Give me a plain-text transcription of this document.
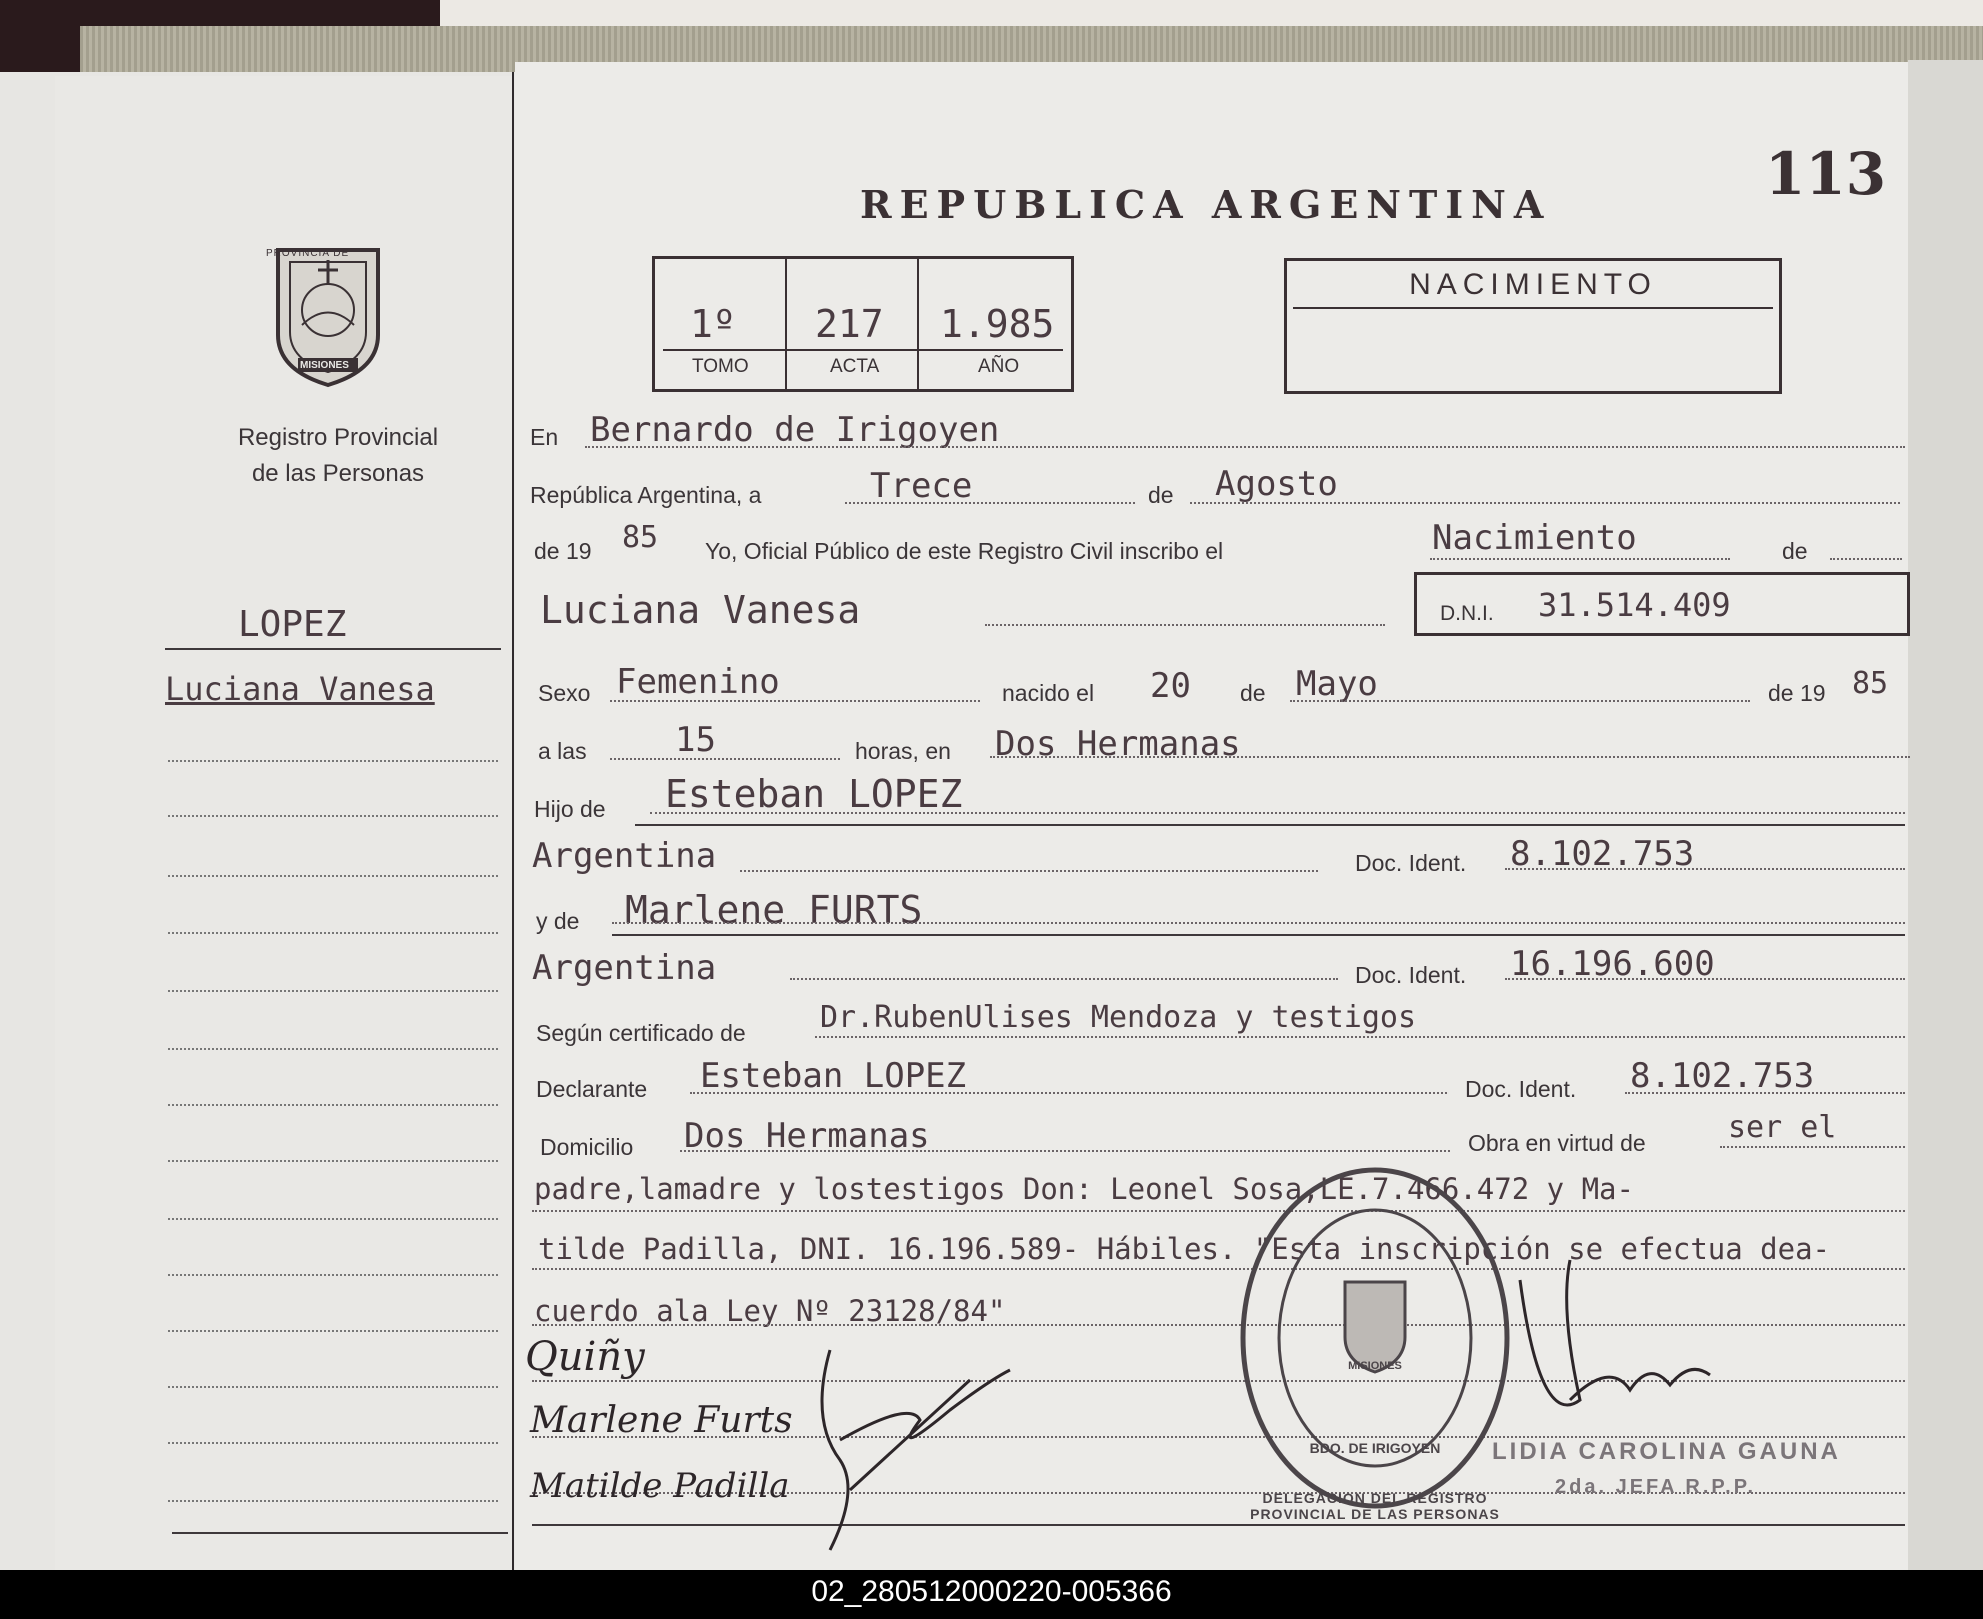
REPUBLICA ARGENTINA	113
PROVINCIA DE
MISIONES
Registro Provincial
de las Personas
LOPEZ
Luciana Vanesa
1º 217 1.985
TOMO	ACTA	AÑO
NACIMIENTO
En Bernardo de Irigoyen
República Argentina, a	Trece	de Agosto
de 19 85 Yo, Oficial Público de este Registro Civil inscribo el	Nacimiento	de
Luciana Vanesa	D.N.I. 31.514.409
Sexo Femenino	nacido el 20 de Mayo	de 19 85
a las	15	horas, en Dos Hermanas
Hijo de Esteban LOPEZ
Argentina	Doc. Ident. 8.102.753
y de Marlene FURTS
Argentina	Doc. Ident. 16.196.600
Según certificado de Dr.RubenUlises Mendoza y testigos
Declarante Esteban LOPEZ	Doc. Ident. 8.102.753
Domicilio Dos Hermanas	Obra en virtud de	ser el
padre,lamadre y lostestigos Don: Leonel Sosa,LE.7.466.472 y Ma-
tilde Padilla, DNI. 16.196.589- Hábiles. "Esta inscripción se efectua dea-
cuerdo ala Ley Nº 23128/84"
Quiñy
Marlene Furts
Matilde Padilla	DELEGACION DEL REGISTRO PROVINCIAL DE LAS PERSONAS
BDO. DE IRIGOYEN
MISIONES
LIDIA CAROLINA GAUNA
2da. JEFA R.P.P.
02_280512000220-005366
